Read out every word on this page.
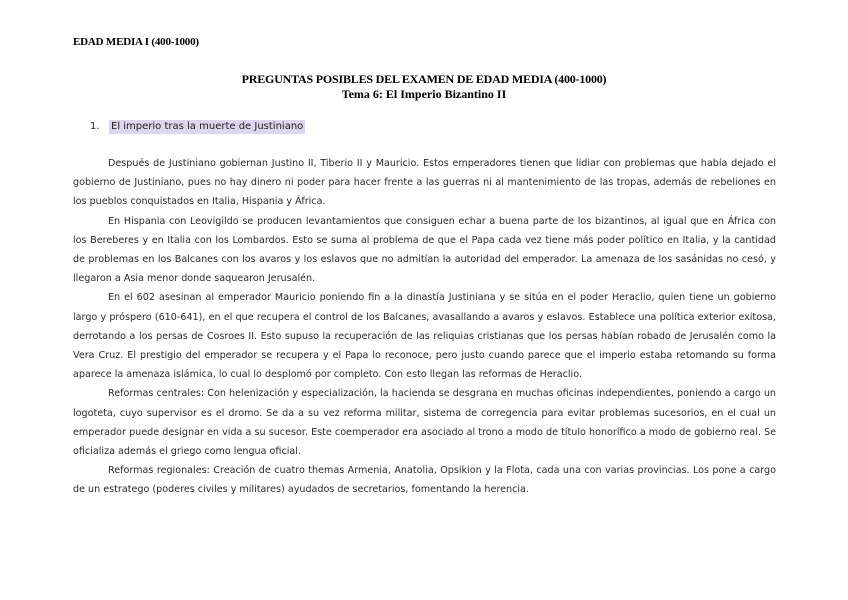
EDAD MEDIA I (400-1000)
PREGUNTAS POSIBLES DEL EXAMEN DE EDAD MEDIA (400-1000)
Tema 6: El Imperio Bizantino II
1. El imperio tras la muerte de Justiniano

Después de Justiniano gobiernan Justino II, Tiberio II y Mauricio. Estos emperadores tienen que lidiar con problemas que había dejado el gobierno de Justiniano, pues no hay dinero ni poder para hacer frente a las guerras ni al mantenimiento de las tropas, además de rebeliones en los pueblos conquistados en Italia, Hispania y África.

En Hispania con Leovigildo se producen levantamientos que consiguen echar a buena parte de los bizantinos, al igual que en África con los Bereberes y en Italia con los Lombardos. Esto se suma al problema de que el Papa cada vez tiene más poder político en Italia, y la cantidad de problemas en los Balcanes con los avaros y los eslavos que no admitían la autoridad del emperador. La amenaza de los sasánidas no cesó, y llegaron a Asia menor donde saquearon Jerusalén.

En el 602 asesinan al emperador Mauricio poniendo fin a la dinastía Justiniana y se sitúa en el poder Heraclio, quien tiene un gobierno largo y próspero (610-641), en el que recupera el control de los Balcanes, avasallando a avaros y eslavos. Establece una política exterior exitosa, derrotando a los persas de Cosroes II. Esto supuso la recuperación de las reliquias cristianas que los persas habían robado de Jerusalén como la Vera Cruz. El prestigio del emperador se recupera y el Papa lo reconoce, pero justo cuando parece que el imperio estaba retomando su forma aparece la amenaza islámica, lo cual lo desplomó por completo. Con esto llegan las reformas de Heraclio.

Reformas centrales: Con helenización y especialización, la hacienda se desgrana en muchas oficinas independientes, poniendo a cargo un logoteta, cuyo supervisor es el dromo. Se da a su vez reforma militar, sistema de corregencia para evitar problemas sucesorios, en el cual un emperador puede designar en vida a su sucesor. Este coemperador era asociado al trono a modo de título honorífico a modo de gobierno real. Se oficializa además el griego como lengua oficial.

Reformas regionales: Creación de cuatro themas Armenia, Anatolia, Opsikion y la Flota, cada una con varias provincias. Los pone a cargo de un estratego (poderes civiles y militares) ayudados de secretarios, fomentando la herencia.
